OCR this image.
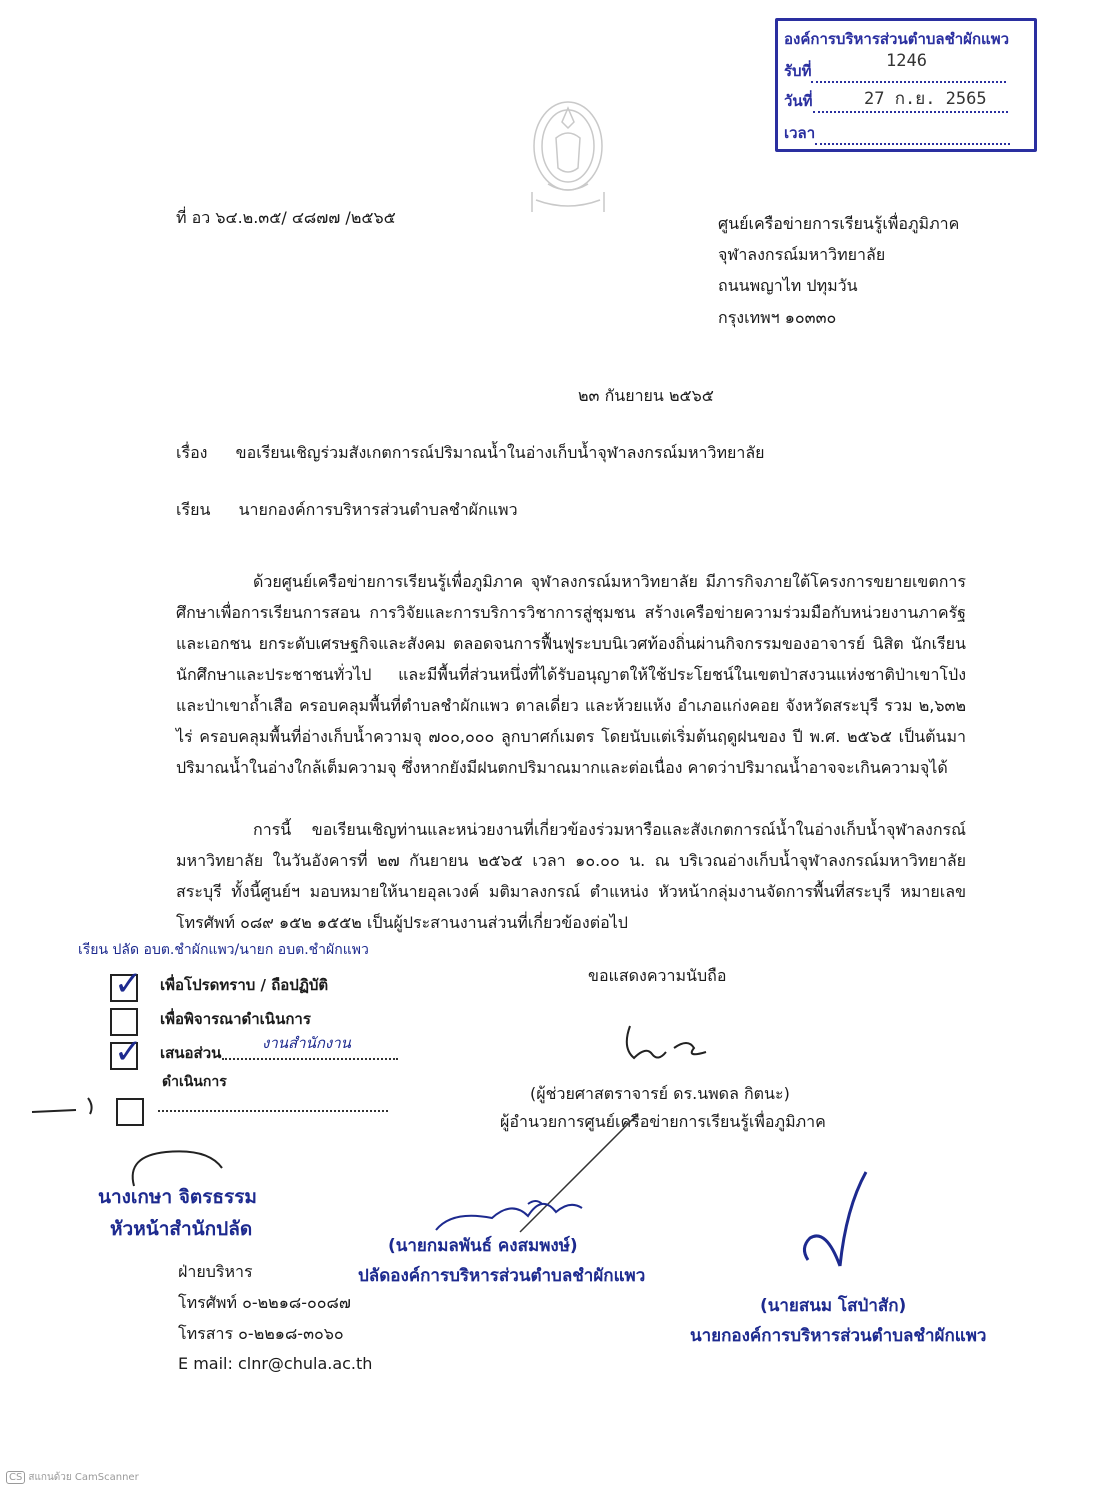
องค์การบริหารส่วนตำบลชำผักแพว
รับที่	1246
วันที่	27 ก.ย. 2565
เวลา
ที่ อว ๖๔.๒.๓๕/ ๔๘๗๗ /๒๕๖๕	ศูนย์เครือข่ายการเรียนรู้เพื่อภูมิภาค
จุฬาลงกรณ์มหาวิทยาลัย
ถนนพญาไท ปทุมวัน
กรุงเทพฯ ๑๐๓๓๐
๒๓ กันยายน ๒๕๖๕
เรื่อง ขอเรียนเชิญร่วมสังเกตการณ์ปริมาณน้ำในอ่างเก็บน้ำจุฬาลงกรณ์มหาวิทยาลัย
เรียน นายกองค์การบริหารส่วนตำบลชำผักแพว
ด้วยศูนย์เครือข่ายการเรียนรู้เพื่อภูมิภาค จุฬาลงกรณ์มหาวิทยาลัย มีภารกิจภายใต้โครงการขยายเขตการศึกษาเพื่อการเรียนการสอน การวิจัยและการบริการวิชาการสู่ชุมชน สร้างเครือข่ายความร่วมมือกับหน่วยงานภาครัฐและเอกชน ยกระดับเศรษฐกิจและสังคม ตลอดจนการฟื้นฟูระบบนิเวศท้องถิ่นผ่านกิจกรรมของอาจารย์ นิสิต นักเรียน นักศึกษาและประชาชนทั่วไป และมีพื้นที่ส่วนหนึ่งที่ได้รับอนุญาตให้ใช้ประโยชน์ในเขตป่าสงวนแห่งชาติป่าเขาโป่งและป่าเขาถ้ำเสือ ครอบคลุมพื้นที่ตำบลชำผักแพว ตาลเดี่ยว และห้วยแห้ง อำเภอแก่งคอย จังหวัดสระบุรี รวม ๒,๖๓๒ ไร่ ครอบคลุมพื้นที่อ่างเก็บน้ำความจุ ๗๐๐,๐๐๐ ลูกบาศก์เมตร โดยนับแต่เริ่มต้นฤดูฝนของ ปี พ.ศ. ๒๕๖๕ เป็นต้นมา ปริมาณน้ำในอ่างใกล้เต็มความจุ ซึ่งหากยังมีฝนตกปริมาณมากและต่อเนื่อง คาดว่าปริมาณน้ำอาจจะเกินความจุได้
การนี้ ขอเรียนเชิญท่านและหน่วยงานที่เกี่ยวข้องร่วมหารือและสังเกตการณ์น้ำในอ่างเก็บน้ำจุฬาลงกรณ์มหาวิทยาลัย ในวันอังคารที่ ๒๗ กันยายน ๒๕๖๕ เวลา ๑๐.๐๐ น. ณ บริเวณอ่างเก็บน้ำจุฬาลงกรณ์มหาวิทยาลัย สระบุรี ทั้งนี้ศูนย์ฯ มอบหมายให้นายอุลเวงค์ มติมาลงกรณ์ ตำแหน่ง หัวหน้ากลุ่มงานจัดการพื้นที่สระบุรี หมายเลขโทรศัพท์ ๐๘๙ ๑๕๒ ๑๕๕๒ เป็นผู้ประสานงานส่วนที่เกี่ยวข้องต่อไป
เรียน ปลัด อบต.ชำผักแพว/นายก อบต.ชำผักแพว
✓ เพื่อโปรดทราบ / ถือปฏิบัติ
เพื่อพิจารณาดำเนินการ
✓ เสนอส่วน
งานสำนักงาน
ดำเนินการ
ขอแสดงความนับถือ
(ผู้ช่วยศาสตราจารย์ ดร.นพดล กิตนะ)
ผู้อำนวยการศูนย์เครือข่ายการเรียนรู้เพื่อภูมิภาค
นางเกษา จิตรธรรม
หัวหน้าสำนักปลัด
(นายกมลพันธ์ คงสมพงษ์)
ปลัดองค์การบริหารส่วนตำบลชำผักแพว
(นายสนม โสป่าสัก)
นายกองค์การบริหารส่วนตำบลชำผักแพว
ฝ่ายบริหาร
โทรศัพท์ ๐-๒๒๑๘-๐๐๘๗
โทรสาร ๐-๒๒๑๘-๓๐๖๐
E mail: clnr@chula.ac.th
CS สแกนด้วย CamScanner
